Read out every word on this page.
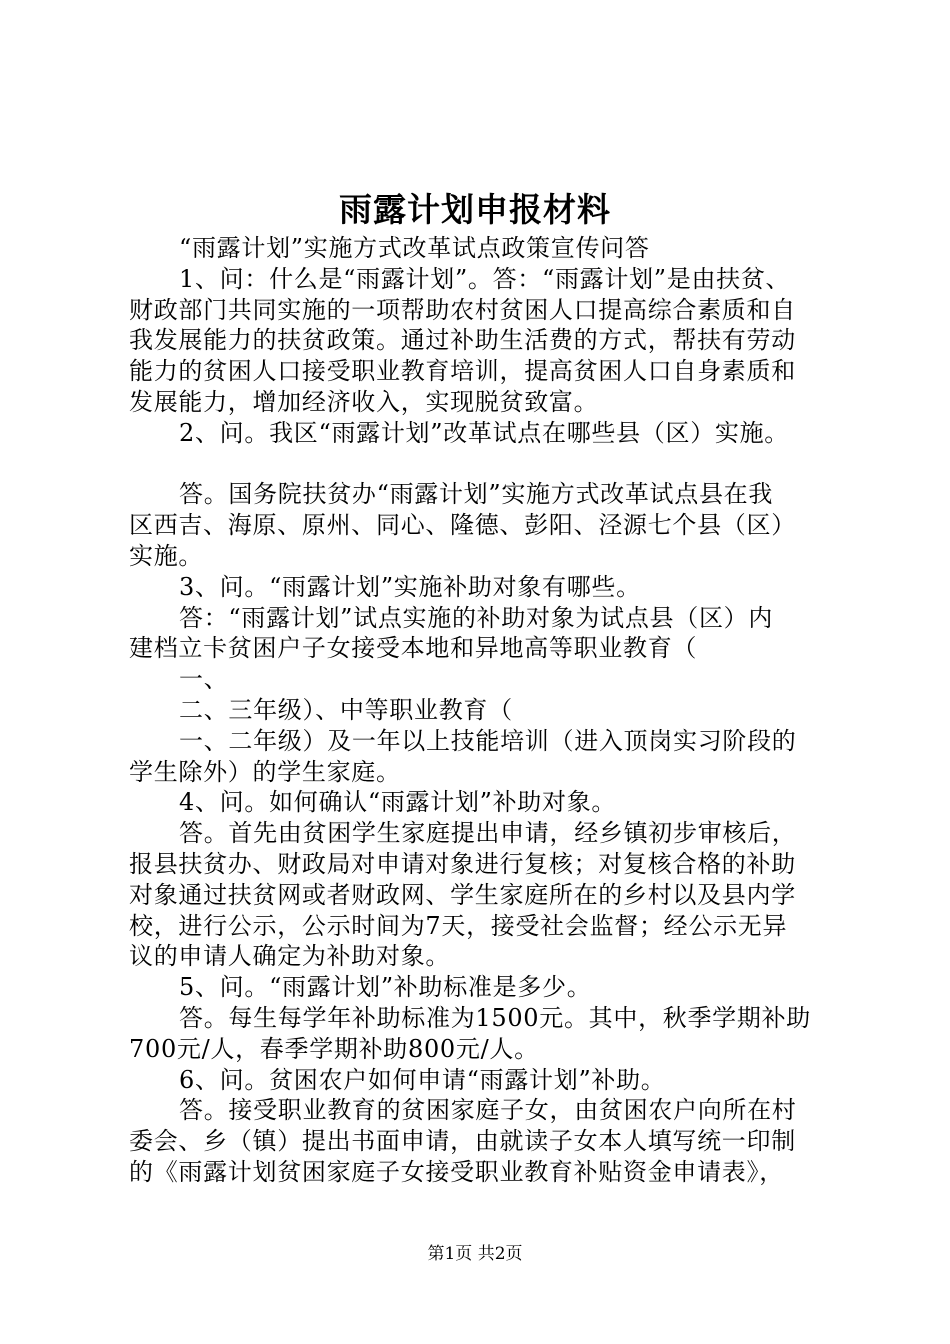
雨露计划申报材料
“雨露计划”实施方式改革试点政策宣传问答
1、问：什么是“雨露计划”。答：“雨露计划”是由扶贫、
财政部门共同实施的一项帮助农村贫困人口提高综合素质和自
我发展能力的扶贫政策。通过补助生活费的方式，帮扶有劳动
能力的贫困人口接受职业教育培训，提高贫困人口自身素质和
发展能力，增加经济收入，实现脱贫致富。
2、问。我区“雨露计划”改革试点在哪些县（区）实施。
答。国务院扶贫办“雨露计划”实施方式改革试点县在我
区西吉、海原、原州、同心、隆德、彭阳、泾源七个县（区）
实施。
3、问。“雨露计划”实施补助对象有哪些。
答：“雨露计划”试点实施的补助对象为试点县（区）内
建档立卡贫困户子女接受本地和异地高等职业教育（
一、
二、三年级）、中等职业教育（
一、二年级）及一年以上技能培训（进入顶岗实习阶段的
学生除外）的学生家庭。
4、问。如何确认“雨露计划”补助对象。
答。首先由贫困学生家庭提出申请，经乡镇初步审核后，
报县扶贫办、财政局对申请对象进行复核；对复核合格的补助
对象通过扶贫网或者财政网、学生家庭所在的乡村以及县内学
校，进行公示，公示时间为7天，接受社会监督；经公示无异
议的申请人确定为补助对象。
5、问。“雨露计划”补助标准是多少。
答。每生每学年补助标准为1500元。其中，秋季学期补助
700元/人，春季学期补助800元/人。
6、问。贫困农户如何申请“雨露计划”补助。
答。接受职业教育的贫困家庭子女，由贫困农户向所在村
委会、乡（镇）提出书面申请，由就读子女本人填写统一印制
的《雨露计划贫困家庭子女接受职业教育补贴资金申请表》，
第1页 共2页
